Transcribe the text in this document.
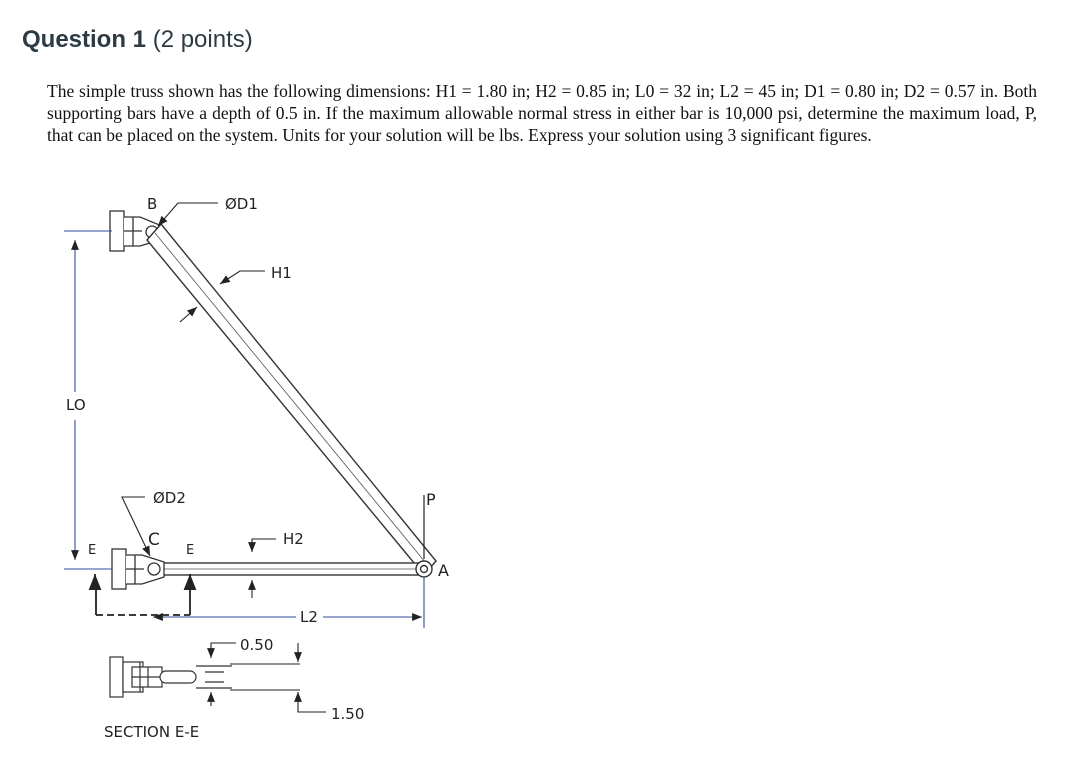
Question 1 (2 points)

The simple truss shown has the following dimensions: H1 = 1.80 in; H2 = 0.85 in; L0 = 32 in; L2 = 45 in; D1 = 0.80 in; D2 = 0.57 in. Both supporting bars have a depth of 0.5 in. If the maximum allowable normal stress in either bar is 10,000 psi, determine the maximum load, P, that can be placed on the system. Units for your solution will be lbs. Express your solution using 3 significant figures.

LO
B	ØD1
H1
ØD2
C
E	E
H2
P
A
L2
0.50
1.50
SECTION E-E
